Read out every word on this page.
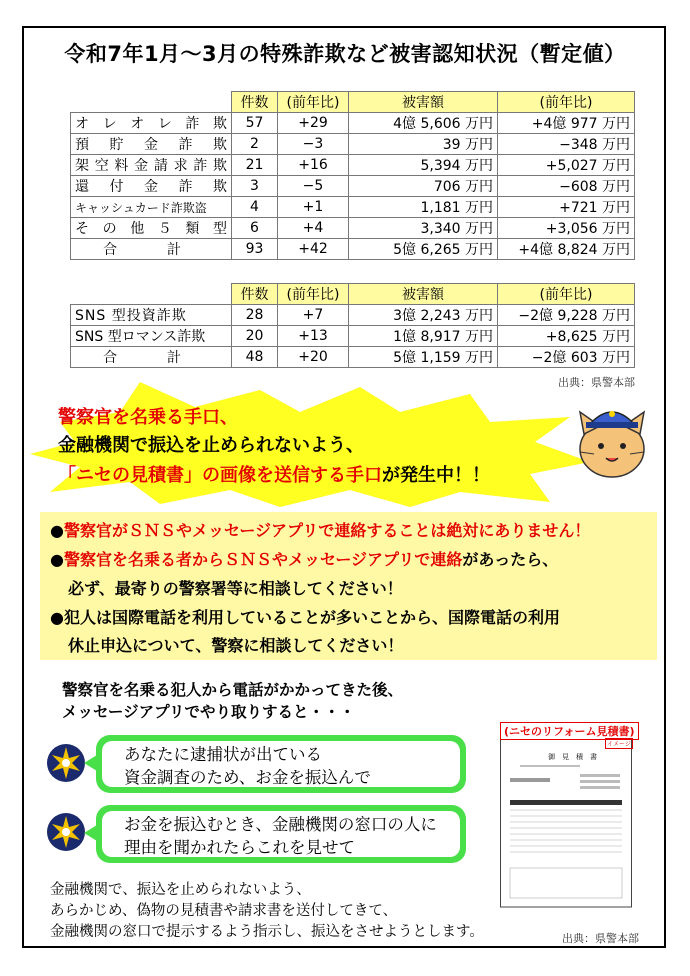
令和7年1月～3月の特殊詐欺など被害認知状況（暫定値）
	件数	(前年比)	被害額	(前年比)
オレオレ詐欺	57	+29	4億 5,606 万円	+4億 977 万円
預貯金詐欺	2	−3	39 万円	−348 万円
架空料金請求詐欺	21	+16	5,394 万円	+5,027 万円
還付金詐欺	3	−5	706 万円	−608 万円
キャッシュカード詐欺盗	4	+1	1,181 万円	+721 万円
その他５類型	6	+4	3,340 万円	+3,056 万円
合　計	93	+42	5億 6,265 万円	+4億 8,824 万円
	件数	(前年比)	被害額	(前年比)
SNS 型投資詐欺	28	+7	3億 2,243 万円	−2億 9,228 万円
SNS 型ロマンス詐欺	20	+13	1億 8,917 万円	+8,625 万円
合　計	48	+20	5億 1,159 万円	−2億 603 万円
出典：県警本部
警察官を名乗る手口、
金融機関で振込を止められないよう、
「ニセの見積書」の画像を送信する手口が発生中！！
●警察官がＳＮＳやメッセージアプリで連絡することは絶対にありません！
●警察官を名乗る者からＳＮＳやメッセージアプリで連絡があったら、
必ず、最寄りの警察署等に相談してください！
●犯人は国際電話を利用していることが多いことから、国際電話の利用
休止申込について、警察に相談してください！
警察官を名乗る犯人から電話がかかってきた後、
メッセージアプリでやり取りすると・・・
あなたに逮捕状が出ている
資金調査のため、お金を振込んで
お金を振込むとき、金融機関の窓口の人に
理由を聞かれたらこれを見せて
金融機関で、振込を止められないよう、
あらかじめ、偽物の見積書や請求書を送付してきて、
金融機関の窓口で提示するよう指示し、振込をさせようとします。
(ニセのリフォーム見積書)
御　見　積　書
イメージ
出典：県警本部
